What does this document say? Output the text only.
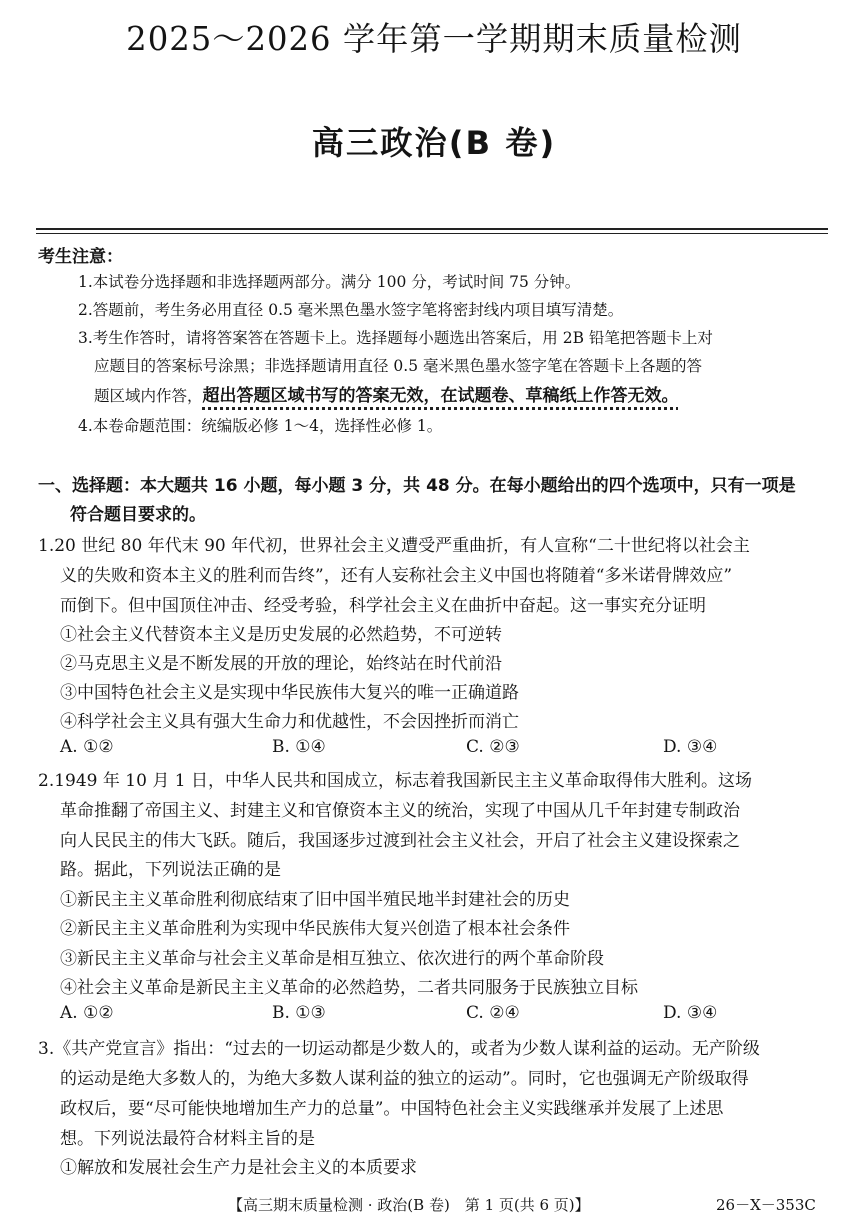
2025～2026 学年第一学期期末质量检测
高三政治(B 卷)
考生注意：
1.本试卷分选择题和非选择题两部分。满分 100 分，考试时间 75 分钟。
2.答题前，考生务必用直径 0.5 毫米黑色墨水签字笔将密封线内项目填写清楚。
3.考生作答时，请将答案答在答题卡上。选择题每小题选出答案后，用 2B 铅笔把答题卡上对
应题目的答案标号涂黑；非选择题请用直径 0.5 毫米黑色墨水签字笔在答题卡上各题的答
题区域内作答，超出答题区域书写的答案无效，在试题卷、草稿纸上作答无效。
4.本卷命题范围：统编版必修 1～4，选择性必修 1。
一、选择题：本大题共 16 小题，每小题 3 分，共 48 分。在每小题给出的四个选项中，只有一项是
符合题目要求的。
1.20 世纪 80 年代末 90 年代初，世界社会主义遭受严重曲折，有人宣称“二十世纪将以社会主
义的失败和资本主义的胜利而告终”，还有人妄称社会主义中国也将随着“多米诺骨牌效应”
而倒下。但中国顶住冲击、经受考验，科学社会主义在曲折中奋起。这一事实充分证明
①社会主义代替资本主义是历史发展的必然趋势，不可逆转
②马克思主义是不断发展的开放的理论，始终站在时代前沿
③中国特色社会主义是实现中华民族伟大复兴的唯一正确道路
④科学社会主义具有强大生命力和优越性，不会因挫折而消亡
A. ①②	B. ①④	C. ②③	D. ③④
2.1949 年 10 月 1 日，中华人民共和国成立，标志着我国新民主主义革命取得伟大胜利。这场
革命推翻了帝国主义、封建主义和官僚资本主义的统治，实现了中国从几千年封建专制政治
向人民民主的伟大飞跃。随后，我国逐步过渡到社会主义社会，开启了社会主义建设探索之
路。据此，下列说法正确的是
①新民主主义革命胜利彻底结束了旧中国半殖民地半封建社会的历史
②新民主主义革命胜利为实现中华民族伟大复兴创造了根本社会条件
③新民主主义革命与社会主义革命是相互独立、依次进行的两个革命阶段
④社会主义革命是新民主主义革命的必然趋势，二者共同服务于民族独立目标
A. ①②	B. ①③	C. ②④	D. ③④
3.《共产党宣言》指出：“过去的一切运动都是少数人的，或者为少数人谋利益的运动。无产阶级
的运动是绝大多数人的，为绝大多数人谋利益的独立的运动”。同时，它也强调无产阶级取得
政权后，要“尽可能快地增加生产力的总量”。中国特色社会主义实践继承并发展了上述思
想。下列说法最符合材料主旨的是
①解放和发展社会生产力是社会主义的本质要求
【高三期末质量检测 · 政治(B 卷)　第 1 页(共 6 页)】	26－X－353C
